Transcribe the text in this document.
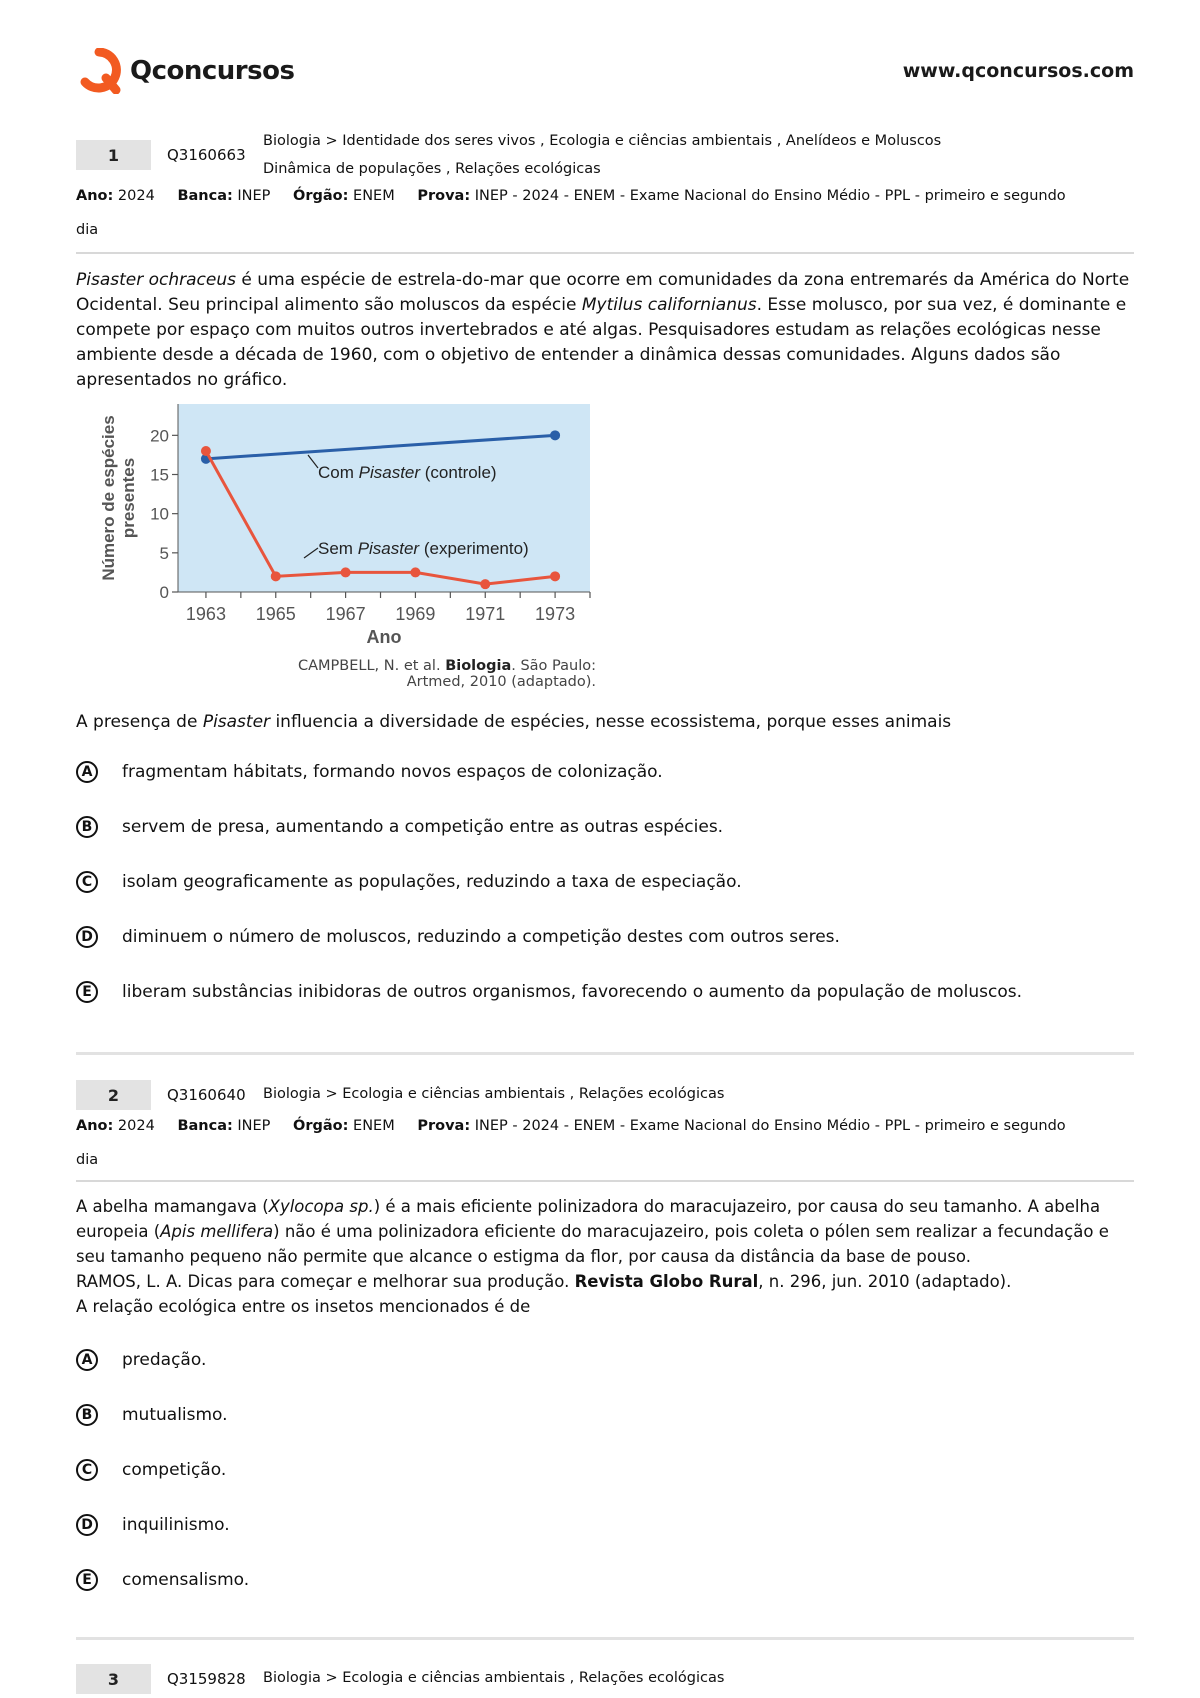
Qconcursos	www.qconcursos.com
1	Q3160663
Biologia > Identidade dos seres vivos , Ecologia e ciências ambientais , Anelídeos e Moluscos
Dinâmica de populações , Relações ecológicas
Ano: 2024 Banca: INEP Órgão: ENEM Prova: INEP - 2024 - ENEM - Exame Nacional do Ensino Médio - PPL - primeiro e segundo
dia
Pisaster ochraceus é uma espécie de estrela-do-mar que ocorre em comunidades da zona entremarés da América do Norte Ocidental. Seu principal alimento são moluscos da espécie Mytilus californianus. Esse molusco, por sua vez, é dominante e compete por espaço com muitos outros invertebrados e até algas. Pesquisadores estudam as relações ecológicas nesse ambiente desde a década de 1960, com o objetivo de entender a dinâmica dessas comunidades. Alguns dados são apresentados no gráfico.
0
5
10
15
20
1963 1965 1967 1969 1971 1973
Ano
Número de espécies presentes	Com Pisaster (controle)
Sem Pisaster (experimento)
CAMPBELL, N. et al. Biologia. São Paulo:
Artmed, 2010 (adaptado).
A presença de Pisaster influencia a diversidade de espécies, nesse ecossistema, porque esses animais
A	fragmentam hábitats, formando novos espaços de colonização.
B	servem de presa, aumentando a competição entre as outras espécies.
C	isolam geograficamente as populações, reduzindo a taxa de especiação.
D	diminuem o número de moluscos, reduzindo a competição destes com outros seres.
E	liberam substâncias inibidoras de outros organismos, favorecendo o aumento da população de moluscos.
2	Q3160640 Biologia > Ecologia e ciências ambientais , Relações ecológicas
Ano: 2024 Banca: INEP Órgão: ENEM Prova: INEP - 2024 - ENEM - Exame Nacional do Ensino Médio - PPL - primeiro e segundo
dia
A abelha mamangava (Xylocopa sp.) é a mais eficiente polinizadora do maracujazeiro, por causa do seu tamanho. A abelha europeia (Apis mellifera) não é uma polinizadora eficiente do maracujazeiro, pois coleta o pólen sem realizar a fecundação e seu tamanho pequeno não permite que alcance o estigma da flor, por causa da distância da base de pouso.
RAMOS, L. A. Dicas para começar e melhorar sua produção. Revista Globo Rural, n. 296, jun. 2010 (adaptado).
A relação ecológica entre os insetos mencionados é de
A	predação.
B	mutualismo.
C	competição.
D	inquilinismo.
E	comensalismo.
3	Q3159828 Biologia > Ecologia e ciências ambientais , Relações ecológicas
